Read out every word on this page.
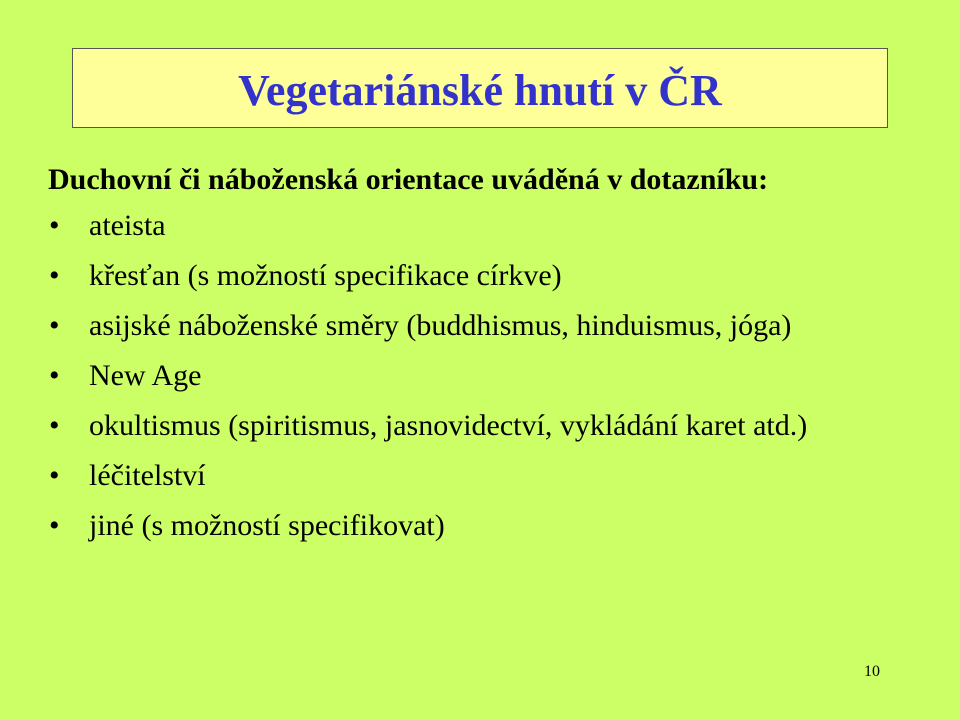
Vegetariánské hnutí v ČR
Duchovní či náboženská orientace uváděná v dotazníku:
• ateista
• křesťan (s možností specifikace církve)
• asijské náboženské směry (buddhismus, hinduismus, jóga)
• New Age
• okultismus (spiritismus, jasnovidectví, vykládání karet atd.)
• léčitelství
• jiné (s možností specifikovat)
10
